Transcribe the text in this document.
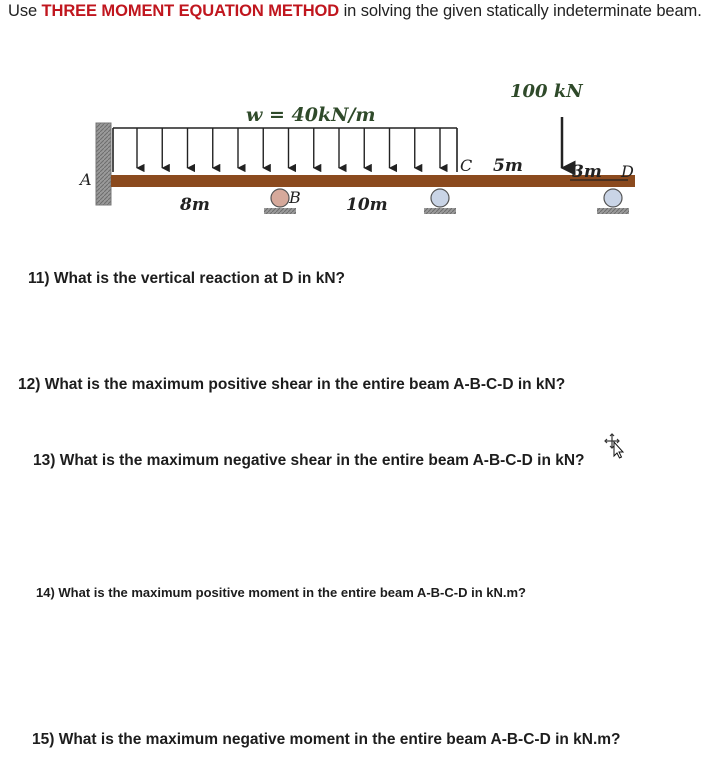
Use THREE MOMENT EQUATION METHOD in solving the given statically indeterminate beam.
w = 40kN/m
100 kN
A
B
C	D
8m	10m
5m	3m
11) What is the vertical reaction at D in kN?
12) What is the maximum positive shear in the entire beam A-B-C-D in kN?
13) What is the maximum negative shear in the entire beam A-B-C-D in kN?
14) What is the maximum positive moment in the entire beam A-B-C-D in kN.m?
15) What is the maximum negative moment in the entire beam A-B-C-D in kN.m?
